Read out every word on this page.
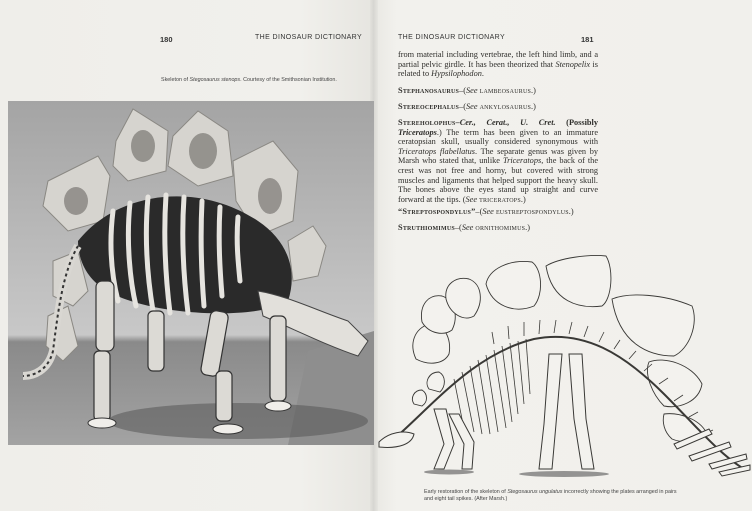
180	THE DINOSAUR DICTIONARY
Skeleton of Stegosaurus stenops. Courtesy of the Smithsonian Institution.
THE DINOSAUR DICTIONARY	181
from material including vertebrae, the left hind limb, and a partial pelvic girdle. It has been theorized that Stenopelix is related to Hypsilophodon.
Stephanosaurus–(See lambeosaurus.)
Stereocephalus–(See ankylosaurus.)
Stereholophus–Cer., Cerat., U. Cret. (Possibly Triceratops.) The term has been given to an immature ceratopsian skull, usually considered synonymous with Triceratops flabellatus. The separate genus was given by Marsh who stated that, unlike Triceratops, the back of the crest was not free and horny, but covered with strong muscles and ligaments that helped support the heavy skull. The bones above the eyes stand up straight and curve forward at the tips. (See triceratops.)
“Streptospondylus”–(See eustreptospondylus.)
Struthiomimus–(See ornithomimus.)
Early restoration of the skeleton of Stegosaurus ungulatus incorrectly showing the plates arranged in pairs and eight tail spikes. (After Marsh.)
